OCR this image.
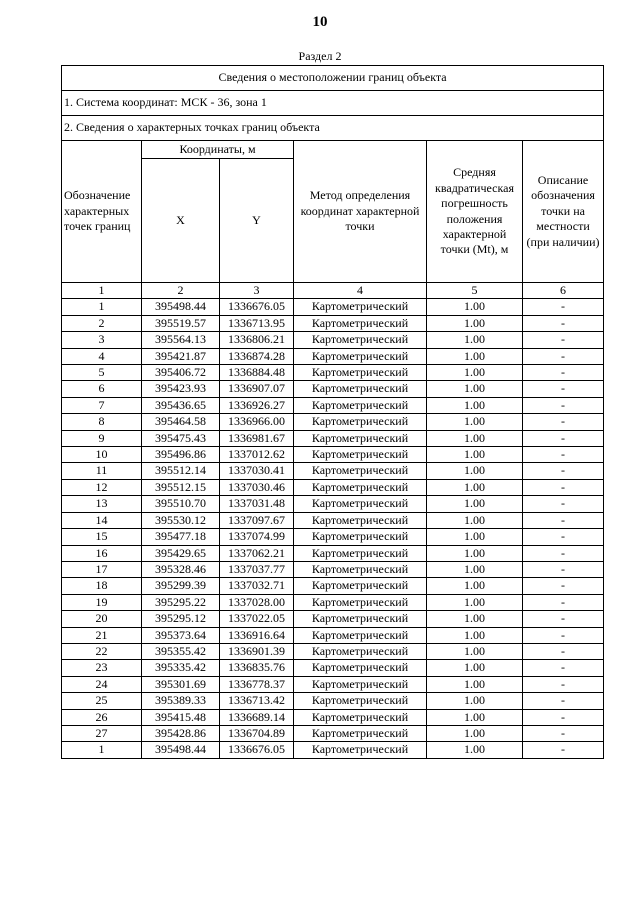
10
Раздел 2
Сведения о местоположении границ объекта					
1. Система координат: МСК - 36, зона 1					
2. Сведения о характерных точках границ объекта					
Обозначение характерных точек границ	Координаты, м		Метод определения координат характерной точки	Средняя квадратическая погрешность положения характерной точки (Mt), м	Описание обозначения точки на местности (при наличии)
	X	Y			
1	2	3	4	5	6
1	395498.44	1336676.05	Картометрический	1.00	-
2	395519.57	1336713.95	Картометрический	1.00	-
3	395564.13	1336806.21	Картометрический	1.00	-
4	395421.87	1336874.28	Картометрический	1.00	-
5	395406.72	1336884.48	Картометрический	1.00	-
6	395423.93	1336907.07	Картометрический	1.00	-
7	395436.65	1336926.27	Картометрический	1.00	-
8	395464.58	1336966.00	Картометрический	1.00	-
9	395475.43	1336981.67	Картометрический	1.00	-
10	395496.86	1337012.62	Картометрический	1.00	-
11	395512.14	1337030.41	Картометрический	1.00	-
12	395512.15	1337030.46	Картометрический	1.00	-
13	395510.70	1337031.48	Картометрический	1.00	-
14	395530.12	1337097.67	Картометрический	1.00	-
15	395477.18	1337074.99	Картометрический	1.00	-
16	395429.65	1337062.21	Картометрический	1.00	-
17	395328.46	1337037.77	Картометрический	1.00	-
18	395299.39	1337032.71	Картометрический	1.00	-
19	395295.22	1337028.00	Картометрический	1.00	-
20	395295.12	1337022.05	Картометрический	1.00	-
21	395373.64	1336916.64	Картометрический	1.00	-
22	395355.42	1336901.39	Картометрический	1.00	-
23	395335.42	1336835.76	Картометрический	1.00	-
24	395301.69	1336778.37	Картометрический	1.00	-
25	395389.33	1336713.42	Картометрический	1.00	-
26	395415.48	1336689.14	Картометрический	1.00	-
27	395428.86	1336704.89	Картометрический	1.00	-
1	395498.44	1336676.05	Картометрический	1.00	-
